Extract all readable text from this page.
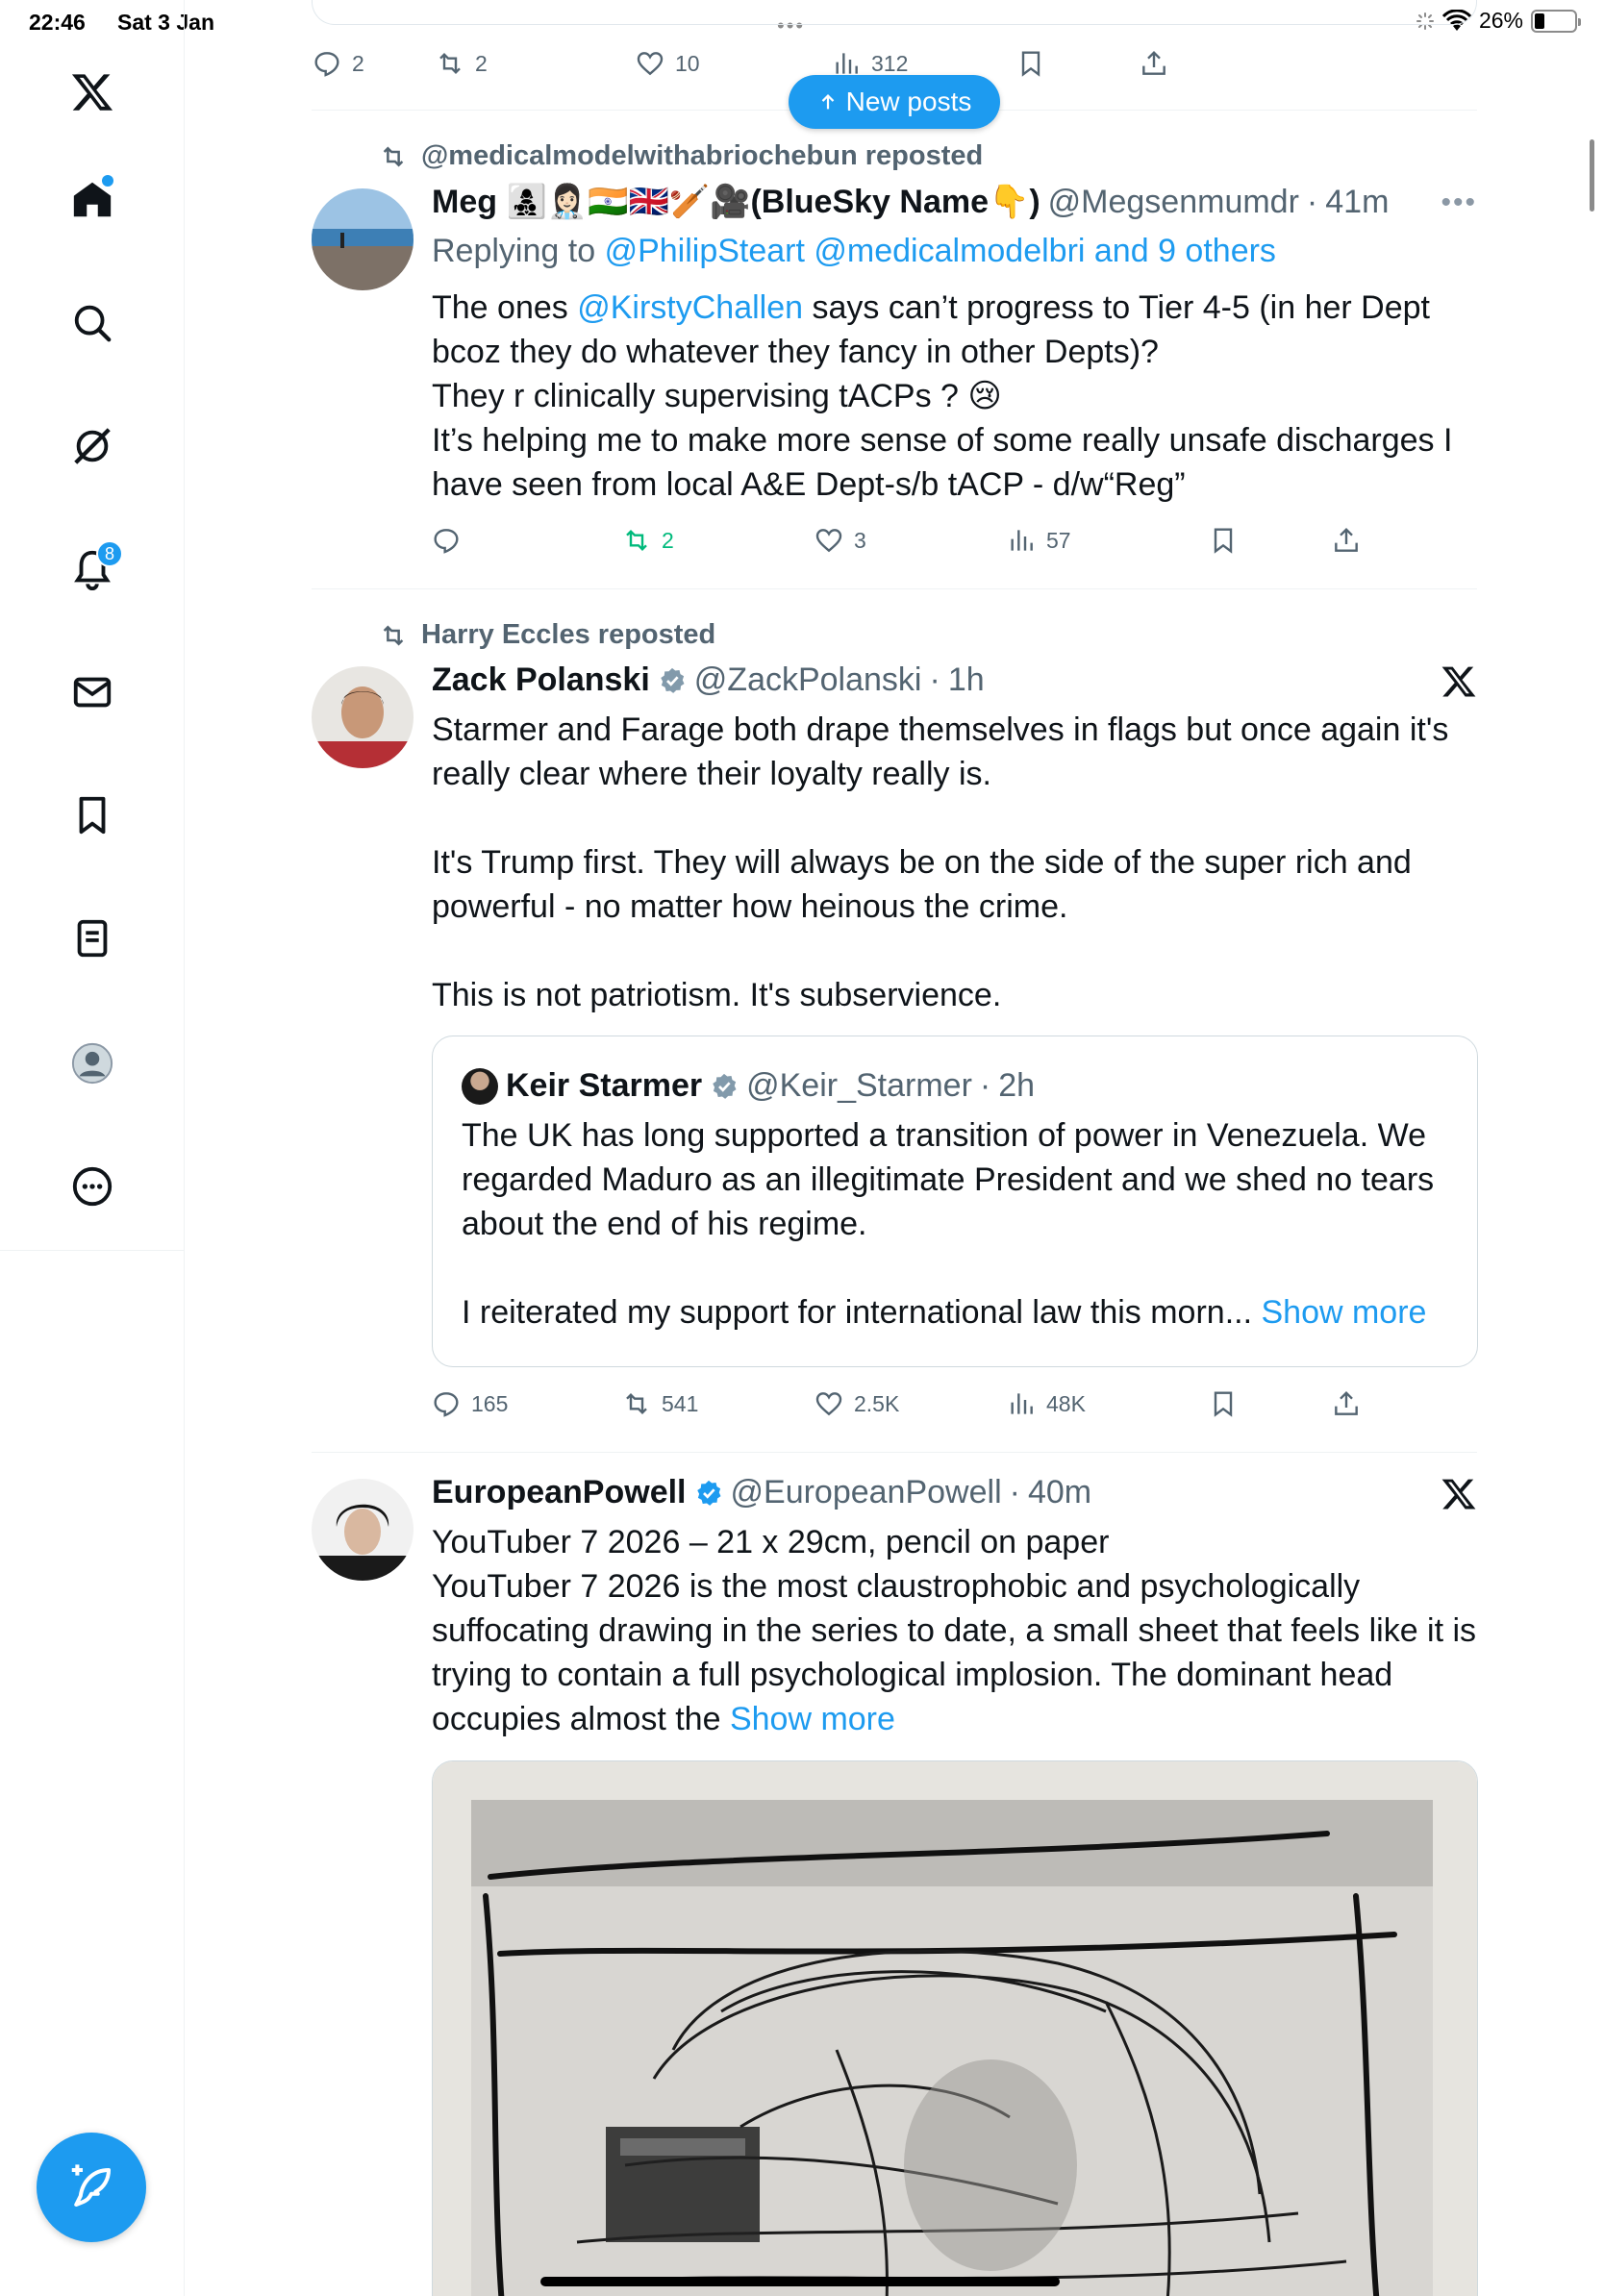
22:46 Sat 3 Jan	•••	26%
8
2	2	10	312
@medicalmodelwithabriochebun reposted
Meg 👩‍👧‍👦👩🏻‍⚕️🇮🇳🇬🇧🏏🎥(BlueSky Name👇) @Megsenmumdr · 41m •••
Replying to @PhilipSteart @medicalmodelbri and 9 others
The ones @KirstyChallen says can’t progress to Tier 4-5 (in her Dept bcoz they do whatever they fancy in other Depts)?
They r clinically supervising tACPs ? 😢
It’s helping me to make more sense of some really unsafe discharges I have seen from local A&E Dept-s/b tACP - d/w“Reg”
2	3	57
Harry Eccles reposted
Zack Polanski @ZackPolanski · 1h
Starmer and Farage both drape themselves in flags but once again it's really clear where their loyalty really is.
It's Trump first. They will always be on the side of the super rich and powerful - no matter how heinous the crime.
This is not patriotism. It's subservience.
Keir Starmer @Keir_Starmer · 2h
The UK has long supported a transition of power in Venezuela. We regarded Maduro as an illegitimate President and we shed no tears about the end of his regime.
I reiterated my support for international law this morn... Show more
165	541	2.5K	48K
EuropeanPowell @EuropeanPowell · 40m
YouTuber 7 2026 – 21 x 29cm, pencil on paper
YouTuber 7 2026 is the most claustrophobic and psychologically suffocating drawing in the series to date, a small sheet that feels like it is trying to contain a full psychological implosion. The dominant head occupies almost the Show more
New posts
